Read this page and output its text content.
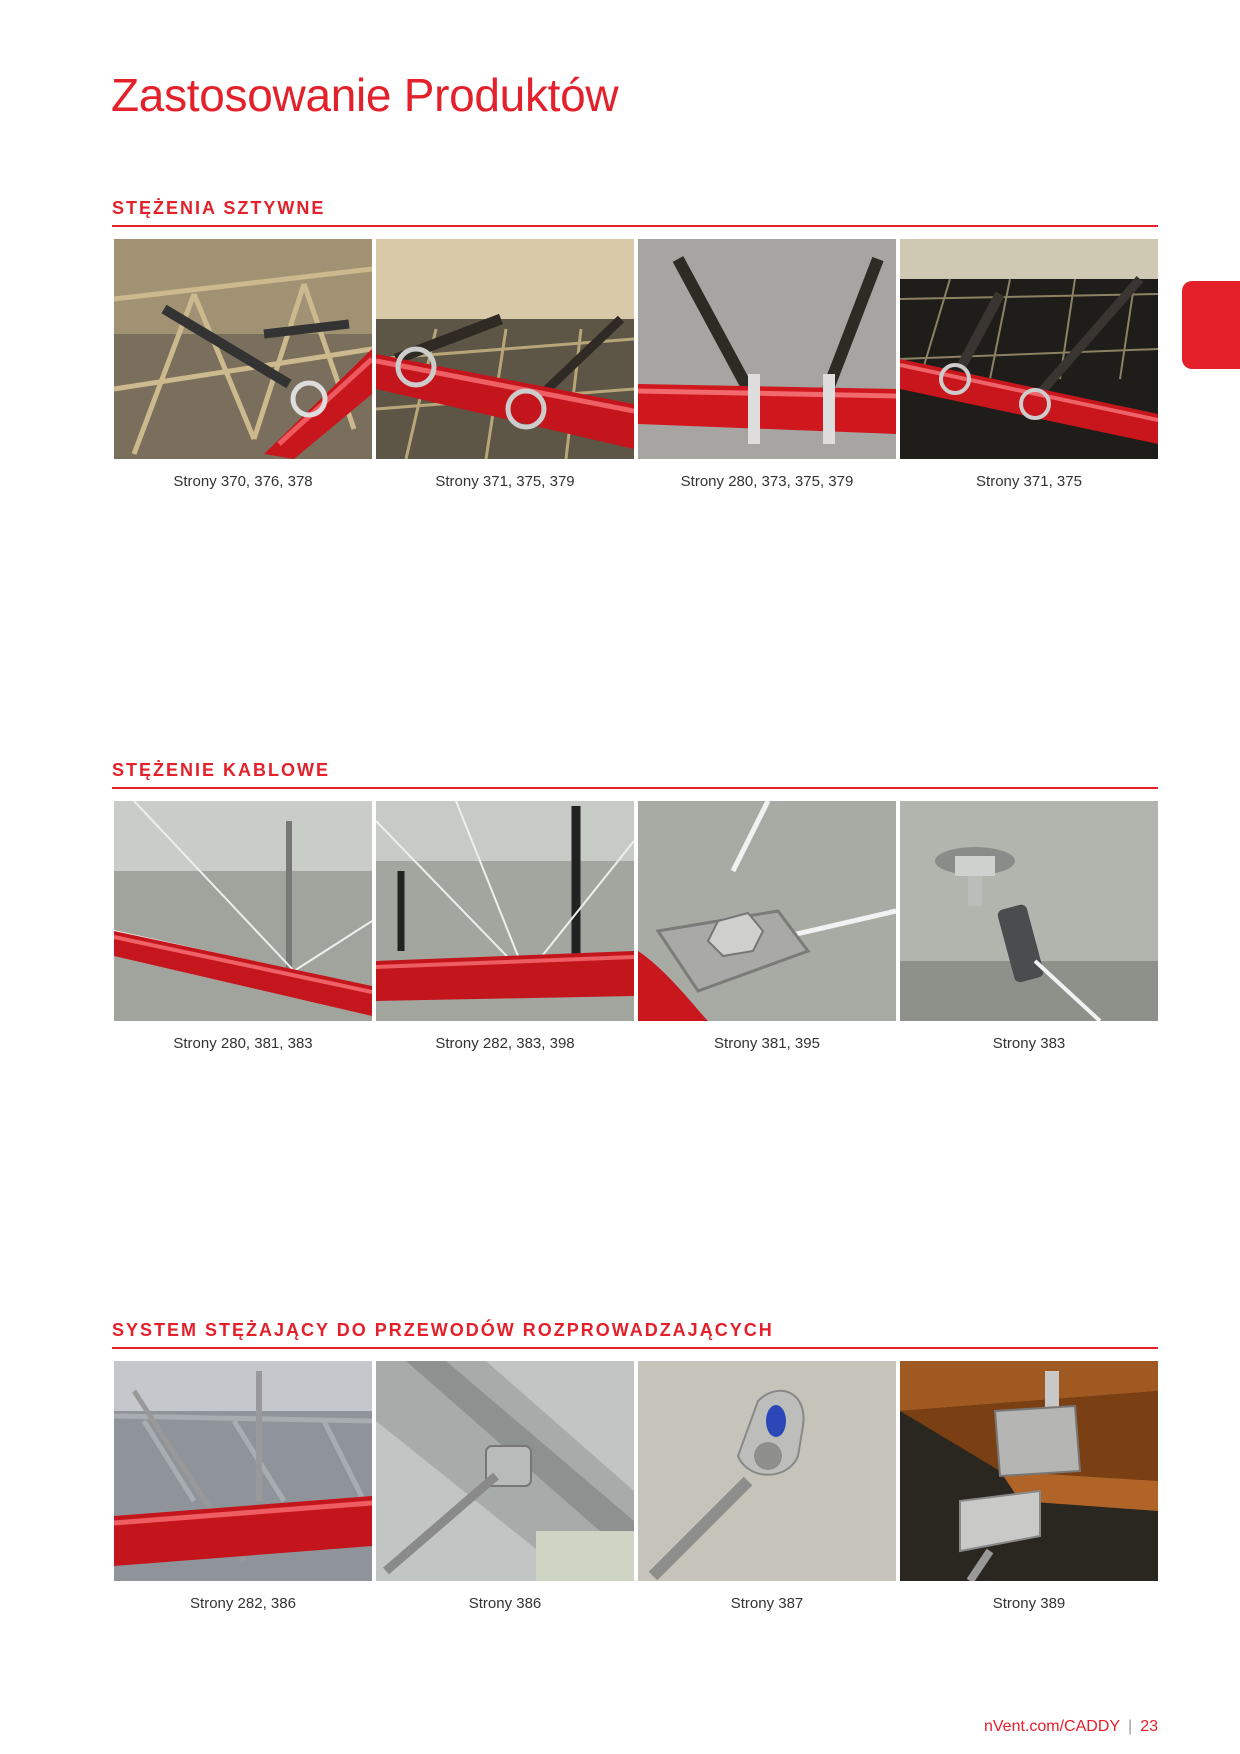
Zastosowanie Produktów
STĘŻENIA SZTYWNE
Strony 370, 376, 378	Strony 371, 375, 379	Strony 280, 373, 375, 379	Strony 371, 375
STĘŻENIE KABLOWE
Strony 280, 381, 383	Strony 282, 383, 398	Strony 381, 395	Strony 383
SYSTEM STĘŻAJĄCY DO PRZEWODÓW ROZPROWADZAJĄCYCH
Strony 282, 386	Strony 386	Strony 387	Strony 389
nVent.com/CADDY | 23
